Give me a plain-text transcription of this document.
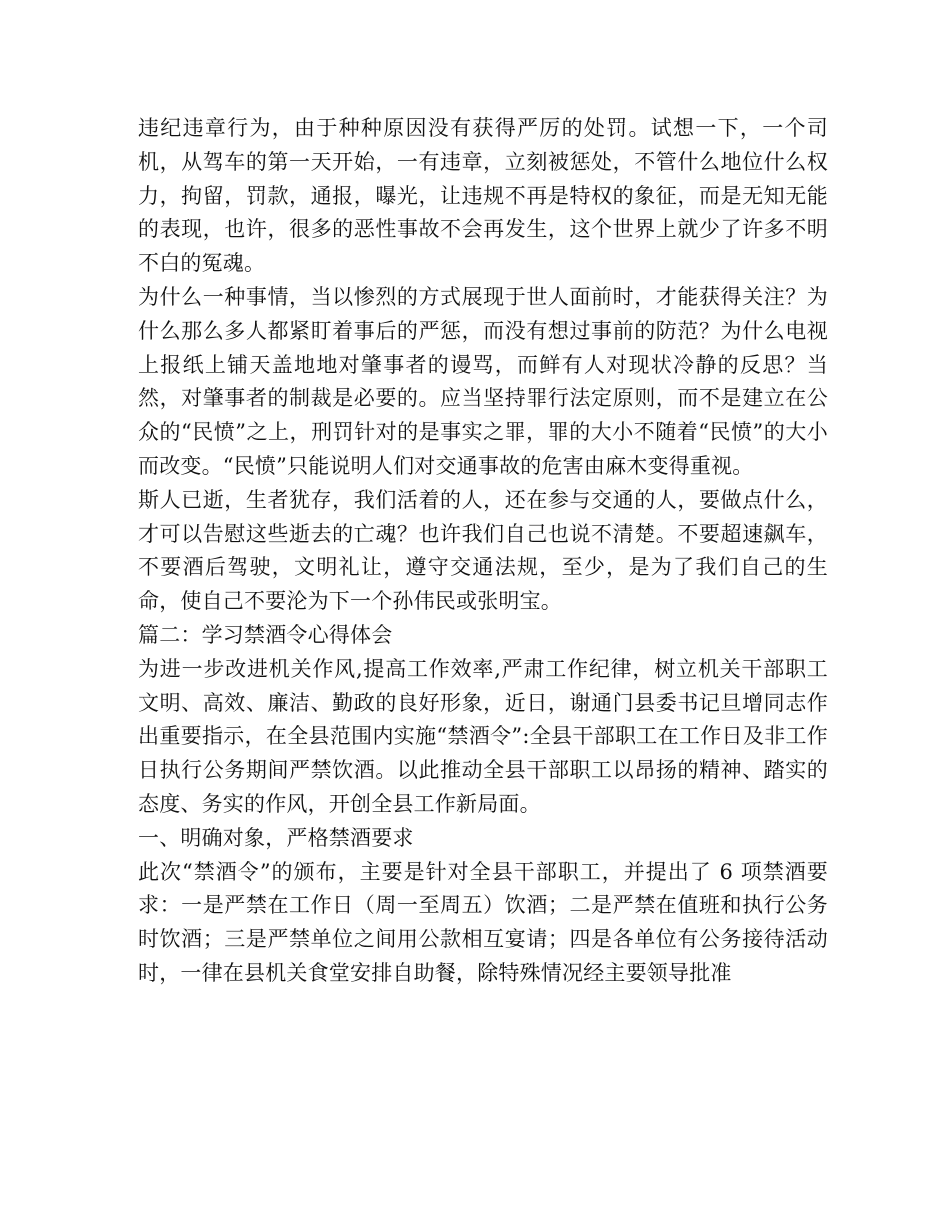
违纪违章行为，由于种种原因没有获得严厉的处罚。试想一下，一个司机，从驾车的第一天开始，一有违章，立刻被惩处，不管什么地位什么权力，拘留，罚款，通报，曝光，让违规不再是特权的象征，而是无知无能的表现，也许，很多的恶性事故不会再发生，这个世界上就少了许多不明不白的冤魂。

为什么一种事情，当以惨烈的方式展现于世人面前时，才能获得关注？为什么那么多人都紧盯着事后的严惩，而没有想过事前的防范？为什么电视上报纸上铺天盖地地对肇事者的谩骂，而鲜有人对现状冷静的反思？当然，对肇事者的制裁是必要的。应当坚持罪行法定原则，而不是建立在公众的“民愤”之上，刑罚针对的是事实之罪，罪的大小不随着“民愤”的大小而改变。“民愤”只能说明人们对交通事故的危害由麻木变得重视。

斯人已逝，生者犹存，我们活着的人，还在参与交通的人，要做点什么，才可以告慰这些逝去的亡魂？也许我们自己也说不清楚。不要超速飙车，不要酒后驾驶，文明礼让，遵守交通法规，至少，是为了我们自己的生命，使自己不要沦为下一个孙伟民或张明宝。

篇二：学习禁酒令心得体会

为进一步改进机关作风,提高工作效率,严肃工作纪律，树立机关干部职工文明、高效、廉洁、勤政的良好形象，近日，谢通门县委书记旦增同志作出重要指示，在全县范围内实施“禁酒令”:全县干部职工在工作日及非工作日执行公务期间严禁饮酒。以此推动全县干部职工以昂扬的精神、踏实的态度、务实的作风，开创全县工作新局面。

一、明确对象，严格禁酒要求

此次“禁酒令”的颁布，主要是针对全县干部职工，并提出了 6 项禁酒要求：一是严禁在工作日（周一至周五）饮酒；二是严禁在值班和执行公务时饮酒；三是严禁单位之间用公款相互宴请；四是各单位有公务接待活动时，一律在县机关食堂安排自助餐，除特殊情况经主要领导批准
